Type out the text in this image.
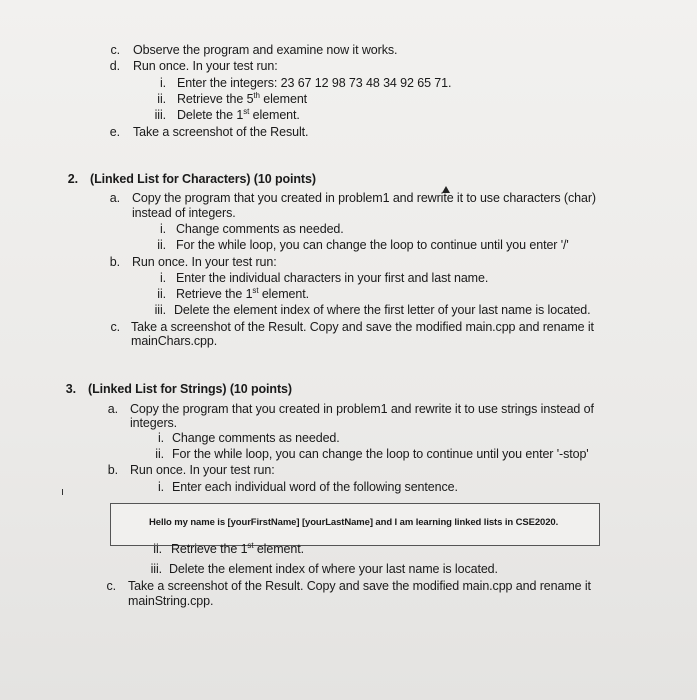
c. Observe the program and examine now it works.
d. Run once. In your test run:
i. Enter the integers: 23 67 12 98 73 48 34 92 65 71.
ii. Retrieve the 5th element
iii. Delete the 1st element.
e. Take a screenshot of the Result.
2. (Linked List for Characters) (10 points)
a. Copy the program that you created in problem1 and rewrite it to use characters (char)
instead of integers.
i. Change comments as needed.
ii. For the while loop, you can change the loop to continue until you enter '/'
b. Run once. In your test run:
i. Enter the individual characters in your first and last name.
ii. Retrieve the 1st element.
iii. Delete the element index of where the first letter of your last name is located.
c. Take a screenshot of the Result. Copy and save the modified main.cpp and rename it
mainChars.cpp.
3. (Linked List for Strings) (10 points)
a. Copy the program that you created in problem1 and rewrite it to use strings instead of
integers.
i. Change comments as needed.
ii. For the while loop, you can change the loop to continue until you enter '-stop'
b. Run once. In your test run:
i. Enter each individual word of the following sentence.
Hello my name is [yourFirstName] [yourLastName] and I am learning linked lists in CSE2020.
ii. Retrieve the 1st element.
iii. Delete the element index of where your last name is located.
c. Take a screenshot of the Result. Copy and save the modified main.cpp and rename it
mainString.cpp.
